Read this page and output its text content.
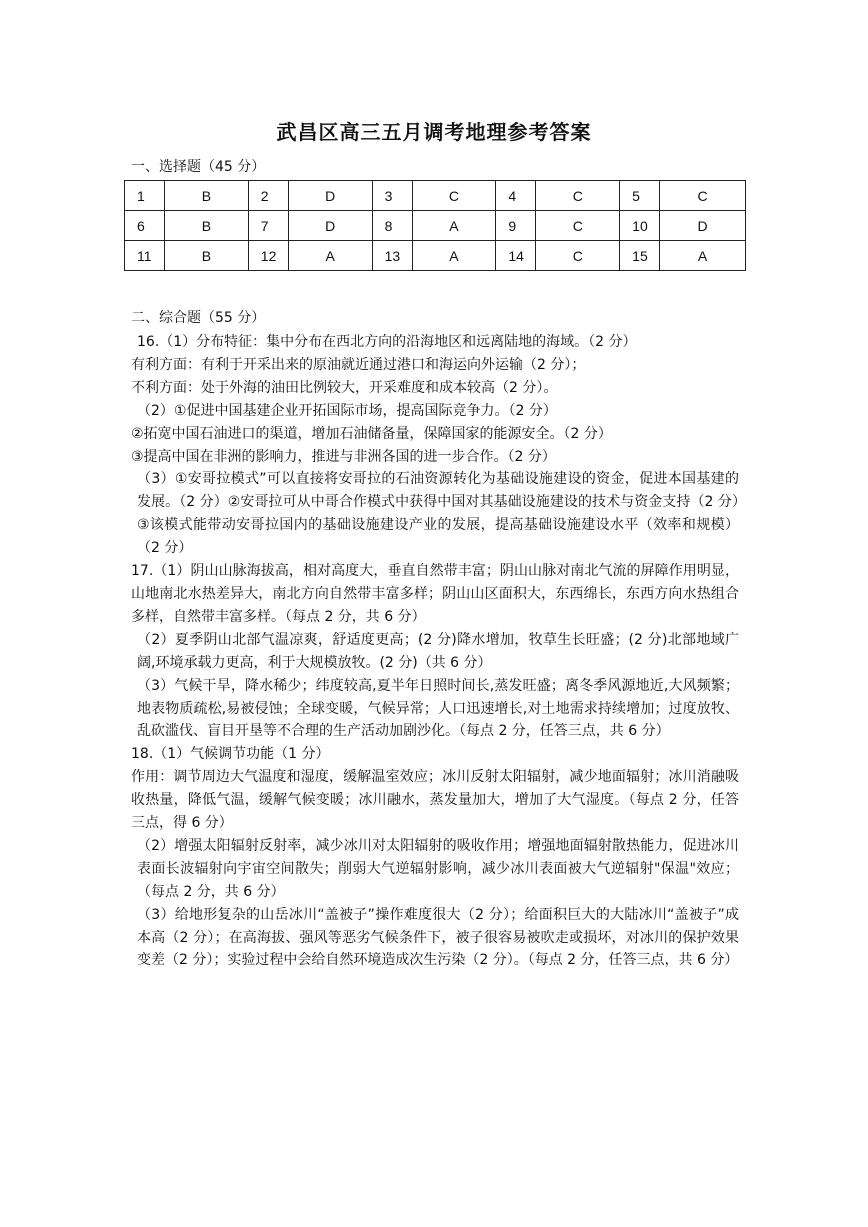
武昌区高三五月调考地理参考答案
一、选择题（45 分）
1	B	2	D	3	C	4	C	5	C
6	B	7	D	8	A	9	C	10	D
11	B	12	A	13	A	14	C	15	A
二、综合题（55 分）

16.（1）分布特征：集中分布在西北方向的沿海地区和远离陆地的海域。（2 分）

有利方面：有利于开采出来的原油就近通过港口和海运向外运输（2 分）；

不利方面：处于外海的油田比例较大，开采难度和成本较高（2 分）。

（2）①促进中国基建企业开拓国际市场，提高国际竞争力。（2 分）

②拓宽中国石油进口的渠道，增加石油储备量，保障国家的能源安全。（2 分）

③提高中国在非洲的影响力，推进与非洲各国的进一步合作。（2 分）

（3）①安哥拉模式”可以直接将安哥拉的石油资源转化为基础设施建设的资金，促进本国基建的发展。（2 分）②安哥拉可从中哥合作模式中获得中国对其基础设施建设的技术与资金支持（2 分）③该模式能带动安哥拉国内的基础设施建设产业的发展，提高基础设施建设水平（效率和规模）（2 分）

17.（1）阴山山脉海拔高，相对高度大，垂直自然带丰富；阴山山脉对南北气流的屏障作用明显，山地南北水热差异大，南北方向自然带丰富多样；阴山山区面积大，东西绵长，东西方向水热组合多样，自然带丰富多样。（每点 2 分，共 6 分）

（2）夏季阴山北部气温凉爽，舒适度更高；(2 分)降水增加，牧草生长旺盛；(2 分)北部地域广阔,环境承载力更高，利于大规模放牧。(2 分)（共 6 分）

（3）气候干旱，降水稀少；纬度较高,夏半年日照时间长,蒸发旺盛；离冬季风源地近,大风频繁；地表物质疏松,易被侵蚀；全球变暖，气候异常；人口迅速增长,对土地需求持续增加；过度放牧、乱砍滥伐、盲目开垦等不合理的生产活动加剧沙化。（每点 2 分，任答三点，共 6 分）

18.（1）气候调节功能（1 分）

作用：调节周边大气温度和湿度，缓解温室效应；冰川反射太阳辐射，减少地面辐射；冰川消融吸收热量，降低气温，缓解气候变暖；冰川融水，蒸发量加大，增加了大气湿度。（每点 2 分，任答三点，得 6 分）

（2）增强太阳辐射反射率，减少冰川对太阳辐射的吸收作用；增强地面辐射散热能力，促进冰川表面长波辐射向宇宙空间散失；削弱大气逆辐射影响，减少冰川表面被大气逆辐射"保温"效应；（每点 2 分，共 6 分）

（3）给地形复杂的山岳冰川“盖被子”操作难度很大（2 分）；给面积巨大的大陆冰川“盖被子”成本高（2 分）；在高海拔、强风等恶劣气候条件下，被子很容易被吹走或损坏，对冰川的保护效果变差（2 分）；实验过程中会给自然环境造成次生污染（2 分）。（每点 2 分，任答三点，共 6 分）
